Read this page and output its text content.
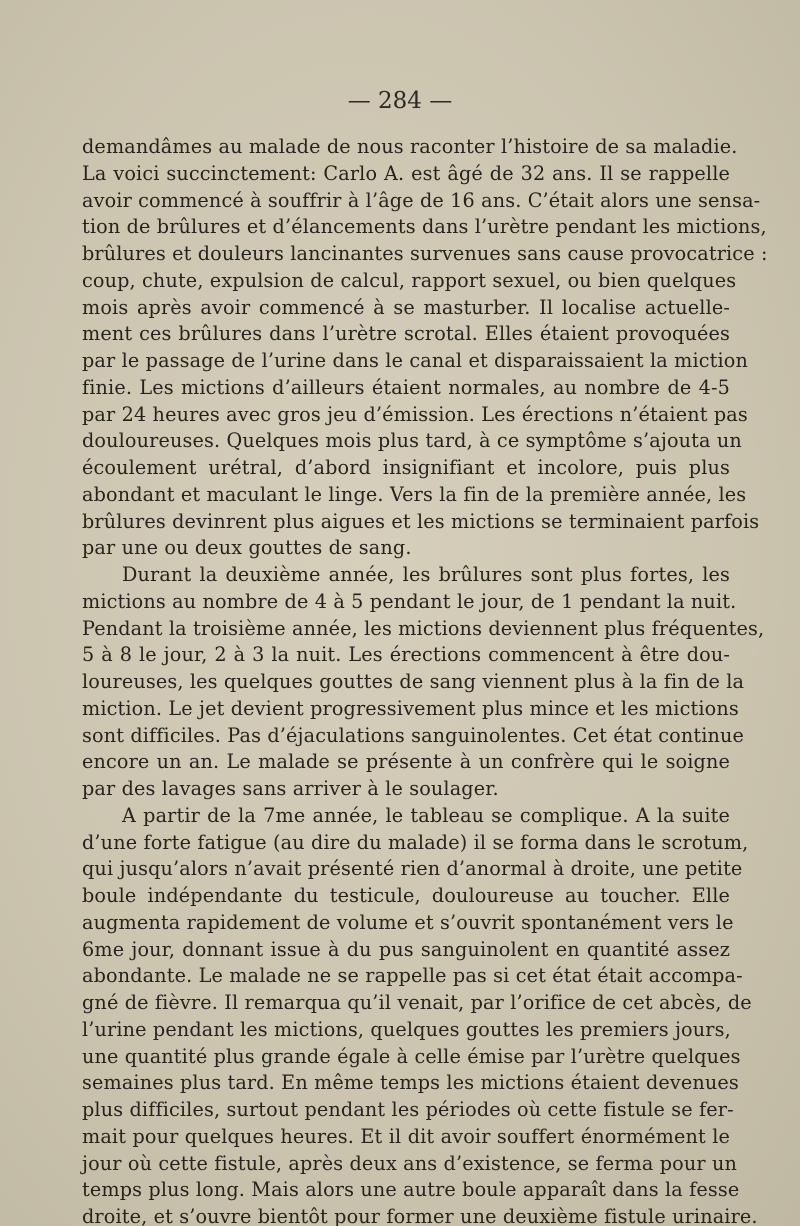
— 284 —
demandâmes au malade de nous raconter l’histoire de sa maladie.
La voici succinctement: Carlo A. est âgé de 32 ans. Il se rappelle
avoir commencé à souffrir à l’âge de 16 ans. C’était alors une sensa-
tion de brûlures et d’élancements dans l’urètre pendant les mictions,
brûlures et douleurs lancinantes survenues sans cause provocatrice :
coup, chute, expulsion de calcul, rapport sexuel, ou bien quelques
mois après avoir commencé à se masturber. Il localise actuelle-
ment ces brûlures dans l’urètre scrotal. Elles étaient provoquées
par le passage de l’urine dans le canal et disparaissaient la miction
finie. Les mictions d’ailleurs étaient normales, au nombre de 4-5
par 24 heures avec gros jeu d’émission. Les érections n’étaient pas
douloureuses. Quelques mois plus tard, à ce symptôme s’ajouta un
écoulement urétral, d’abord insignifiant et incolore, puis plus
abondant et maculant le linge. Vers la fin de la première année, les
brûlures devinrent plus aigues et les mictions se terminaient parfois
par une ou deux gouttes de sang.
Durant la deuxième année, les brûlures sont plus fortes, les
mictions au nombre de 4 à 5 pendant le jour, de 1 pendant la nuit.
Pendant la troisième année, les mictions deviennent plus fréquentes,
5 à 8 le jour, 2 à 3 la nuit. Les érections commencent à être dou-
loureuses, les quelques gouttes de sang viennent plus à la fin de la
miction. Le jet devient progressivement plus mince et les mictions
sont difficiles. Pas d’éjaculations sanguinolentes. Cet état continue
encore un an. Le malade se présente à un confrère qui le soigne
par des lavages sans arriver à le soulager.
A partir de la 7me année, le tableau se complique. A la suite
d’une forte fatigue (au dire du malade) il se forma dans le scrotum,
qui jusqu’alors n’avait présenté rien d’anormal à droite, une petite
boule indépendante du testicule, douloureuse au toucher. Elle
augmenta rapidement de volume et s’ouvrit spontanément vers le
6me jour, donnant issue à du pus sanguinolent en quantité assez
abondante. Le malade ne se rappelle pas si cet état était accompa-
gné de fièvre. Il remarqua qu’il venait, par l’orifice de cet abcès, de
l’urine pendant les mictions, quelques gouttes les premiers jours,
une quantité plus grande égale à celle émise par l’urètre quelques
semaines plus tard. En même temps les mictions étaient devenues
plus difficiles, surtout pendant les périodes où cette fistule se fer-
mait pour quelques heures. Et il dit avoir souffert énormément le
jour où cette fistule, après deux ans d’existence, se ferma pour un
temps plus long. Mais alors une autre boule apparaît dans la fesse
droite, et s’ouvre bientôt pour former une deuxième fistule urinaire.
